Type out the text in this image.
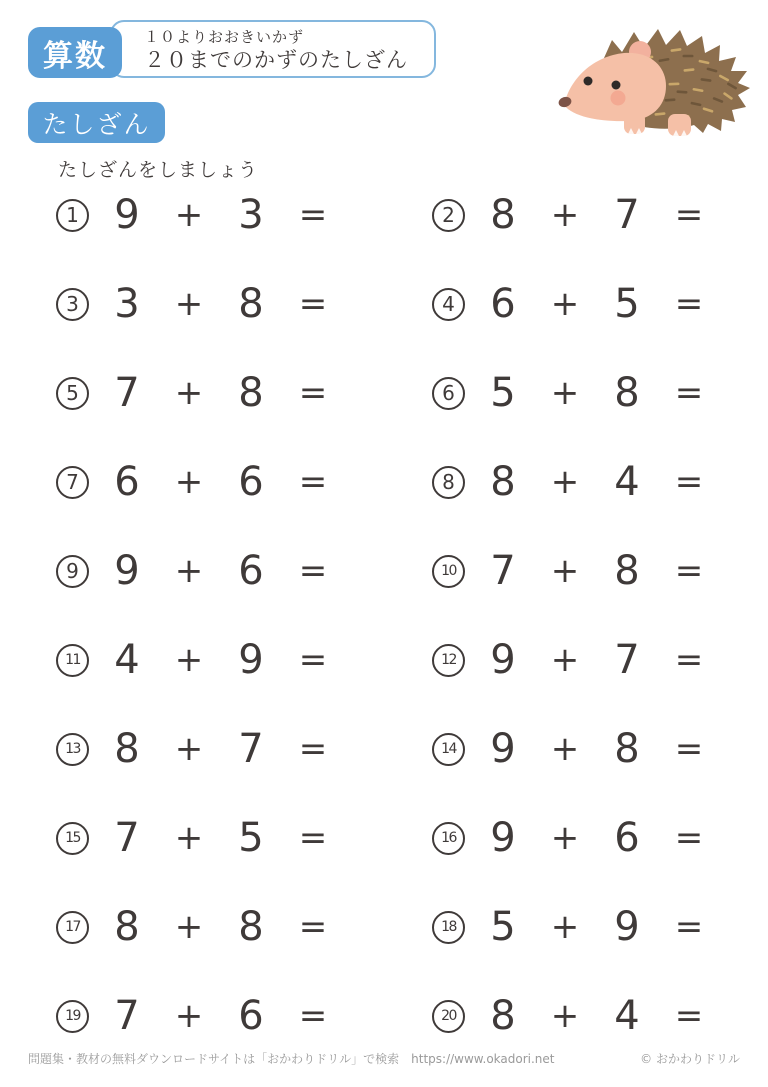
１０よりおおきいかず
２０までのかずのたしざん
算数
たしざん

たしざんをしましょう

1 9 + 3 =	2 8 + 7 =
3 3 + 8 =	4 6 + 5 =
5 7 + 8 =	6 5 + 8 =
7 6 + 6 =	8 8 + 4 =
9 9 + 6 =	10 7 + 8 =
11 4 + 9 =	12 9 + 7 =
13 8 + 7 =	14 9 + 8 =
15 7 + 5 =	16 9 + 6 =
17 8 + 8 =	18 5 + 9 =
19 7 + 6 =	20 8 + 4 =
問題集・教材の無料ダウンロードサイトは「おかわりドリル」で検索　https://www.okadori.net	© おかわりドリル
